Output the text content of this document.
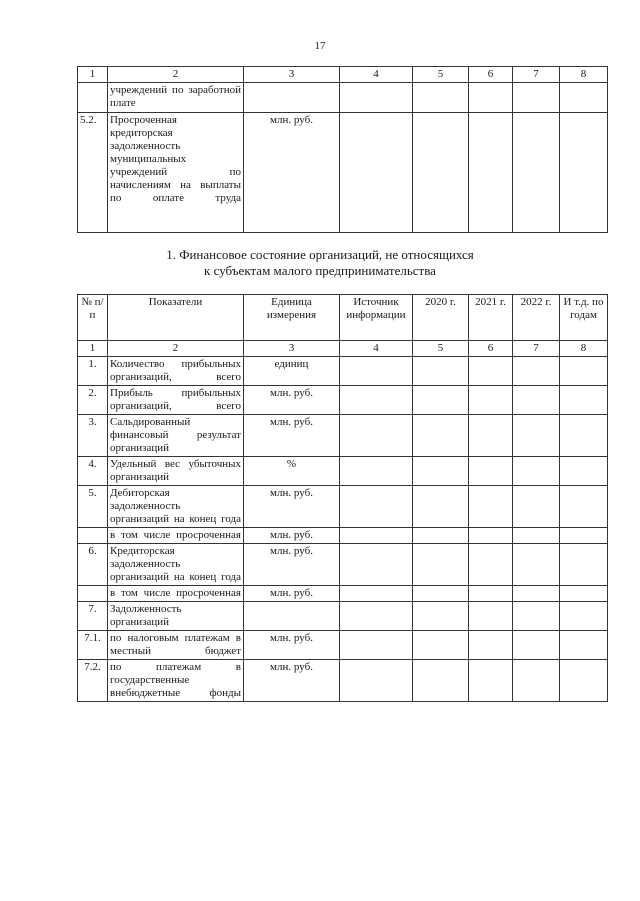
17
1	2	3	4	5	6	7	8
	учреждений по заработной плате						
5.2.	Просроченная кредиторская задолженность муниципальных учреждений по начислениям на выплаты по оплате труда	млн. руб.					
1. Финансовое состояние организаций, не относящихся
к субъектам малого предпринимательства
№ п/п	Показатели	Единица измерения	Источник информации	2020 г.	2021 г.	2022 г.	И т.д. по годам
1	2	3	4	5	6	7	8
1.	Количество прибыльных организаций, всего	единиц					
2.	Прибыль прибыльных организаций, всего	млн. руб.					
3.	Сальдированный финансовый результат организаций	млн. руб.					
4.	Удельный вес убыточных организаций	%					
5.	Дебиторская задолженность организаций на конец года	млн. руб.					
	в том числе просроченная	млн. руб.					
6.	Кредиторская задолженность организаций на конец года	млн. руб.					
	в том числе просроченная	млн. руб.					
7.	Задолженность организаций						
7.1.	по налоговым платежам в местный бюджет	млн. руб.					
7.2.	по платежам в государственные внебюджетные фонды	млн. руб.					
